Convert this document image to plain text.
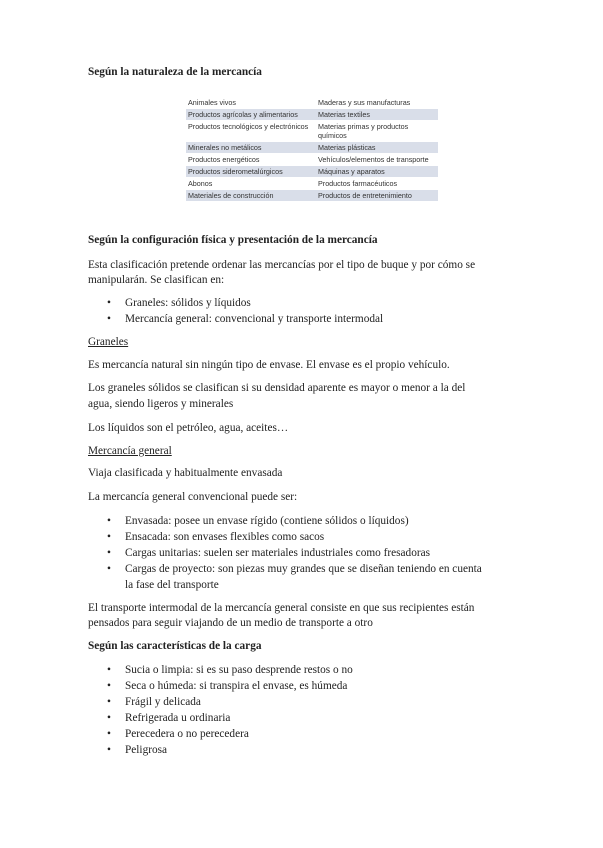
Según la naturaleza de la mercancía
Animales vivos	Maderas y sus manufacturas
Productos agrícolas y alimentarios	Materias textiles
Productos tecnológicos y electrónicos	Materias primas y productos químicos
Minerales no metálicos	Materias plásticas
Productos energéticos	Vehículos/elementos de transporte
Productos siderometalúrgicos	Máquinas y aparatos
Abonos	Productos farmacéuticos
Materiales de construcción	Productos de entretenimiento
Según la configuración física y presentación de la mercancía
Esta clasificación pretende ordenar las mercancías por el tipo de buque y por cómo se
manipularán. Se clasifican en:
• Graneles: sólidos y líquidos
• Mercancía general: convencional y transporte intermodal
Graneles
Es mercancía natural sin ningún tipo de envase. El envase es el propio vehículo.
Los graneles sólidos se clasifican si su densidad aparente es mayor o menor a la del
agua, siendo ligeros y minerales
Los líquidos son el petróleo, agua, aceites…
Mercancía general
Viaja clasificada y habitualmente envasada
La mercancía general convencional puede ser:
• Envasada: posee un envase rígido (contiene sólidos o líquidos)
• Ensacada: son envases flexibles como sacos
• Cargas unitarias: suelen ser materiales industriales como fresadoras
• Cargas de proyecto: son piezas muy grandes que se diseñan teniendo en cuenta
la fase del transporte
El transporte intermodal de la mercancía general consiste en que sus recipientes están
pensados para seguir viajando de un medio de transporte a otro
Según las características de la carga
• Sucia o limpia: si es su paso desprende restos o no
• Seca o húmeda: si transpira el envase, es húmeda
• Frágil y delicada
• Refrigerada u ordinaria
• Perecedera o no perecedera
• Peligrosa
